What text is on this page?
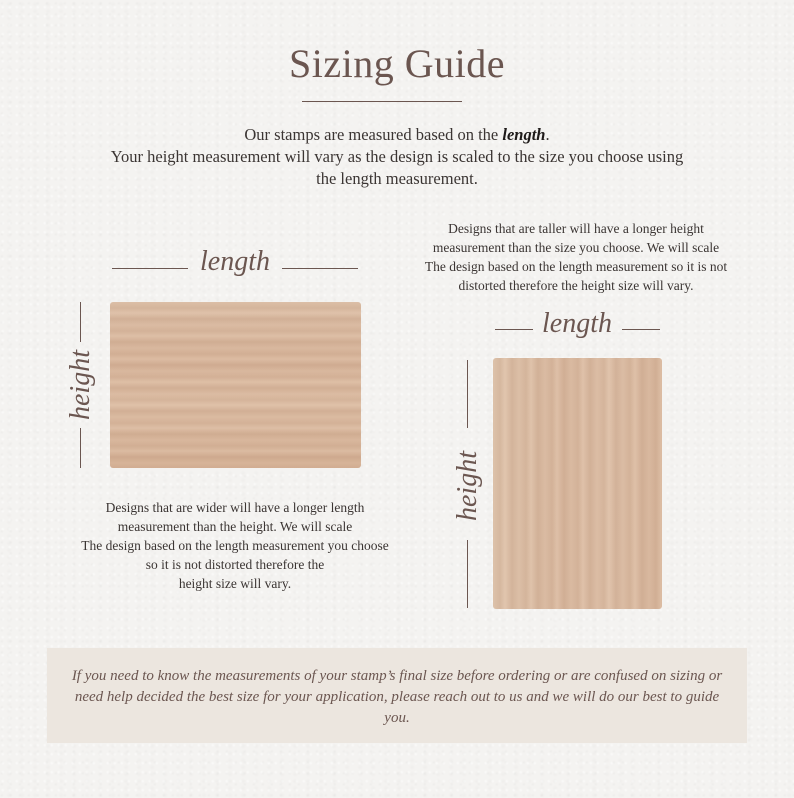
Sizing Guide
Our stamps are measured based on the length.
Your height measurement will vary as the design is scaled to the size you choose using
the length measurement.
Designs that are taller will have a longer height
measurement than the size you choose. We will scale
The design based on the length measurement so it is not
distorted therefore the height size will vary.
length
height
Designs that are wider will have a longer length
measurement than the height. We will scale
The design based on the length measurement you choose
so it is not distorted therefore the
height size will vary.
length
height
If you need to know the measurements of your stamp’s final size before ordering or are confused on sizing or need help decided the best size for your application, please reach out to us and we will do our best to guide you.
